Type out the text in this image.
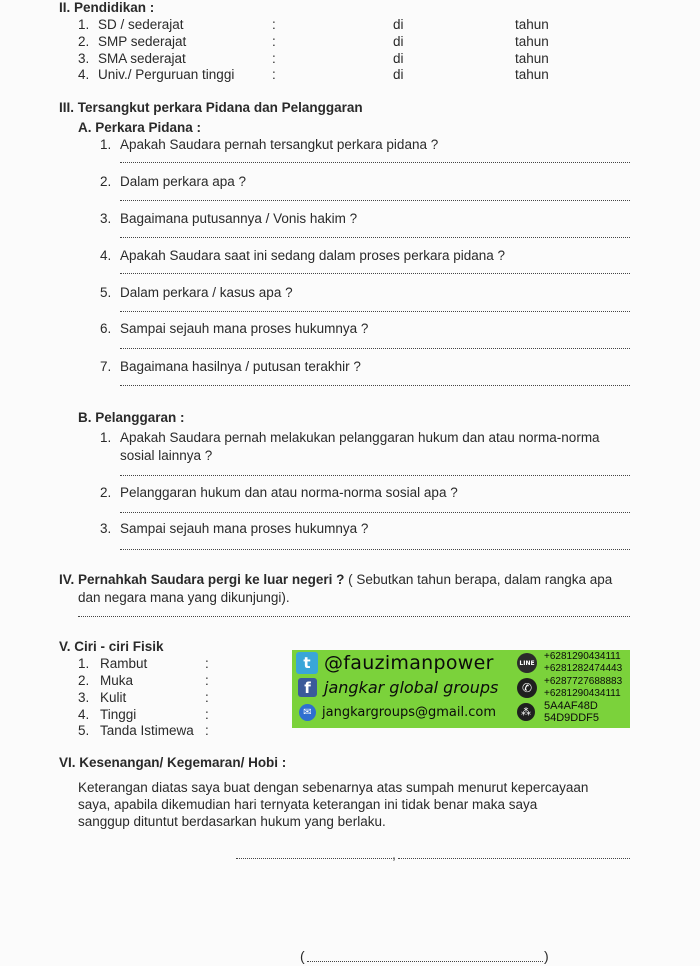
II. Pendidikan :
1. SD / sederajat	:	di	tahun
2. SMP sederajat	:	di	tahun
3. SMA sederajat	:	di	tahun
4. Univ./ Perguruan tinggi	:	di	tahun
III. Tersangkut perkara Pidana dan Pelanggaran
A. Perkara Pidana :
1. Apakah Saudara pernah tersangkut perkara pidana ?
2. Dalam perkara apa ?
3. Bagaimana putusannya / Vonis hakim ?
4. Apakah Saudara saat ini sedang dalam proses perkara pidana ?
5. Dalam perkara / kasus apa ?
6. Sampai sejauh mana proses hukumnya ?
7. Bagaimana hasilnya / putusan terakhir ?
B. Pelanggaran :
1. Apakah Saudara pernah melakukan pelanggaran hukum dan atau norma-norma
sosial lainnya ?
2. Pelanggaran hukum dan atau norma-norma sosial apa ?
3. Sampai sejauh mana proses hukumnya ?
IV. Pernahkah Saudara pergi ke luar negeri ? ( Sebutkan tahun berapa, dalam rangka apa
dan negara mana yang dikunjungi).
V. Ciri - ciri Fisik
1. Rambut	:
2. Muka	:
3. Kulit	:
4. Tinggi	:
5. Tanda Istimewa :
t @fauzimanpower
f jangkar global groups
✉ jangkargroups@gmail.com
LINE
+6281290434111
+6281282474443
✆	+6287727688883
+6281290434111
⁂	5A4AF48D
54D9DDF5
VI. Kesenangan/ Kegemaran/ Hobi :
Keterangan diatas saya buat dengan sebenarnya atas sumpah menurut kepercayaan
saya, apabila dikemudian hari ternyata keterangan ini tidak benar maka saya
sanggup dituntut berdasarkan hukum yang berlaku.
,
(	)
